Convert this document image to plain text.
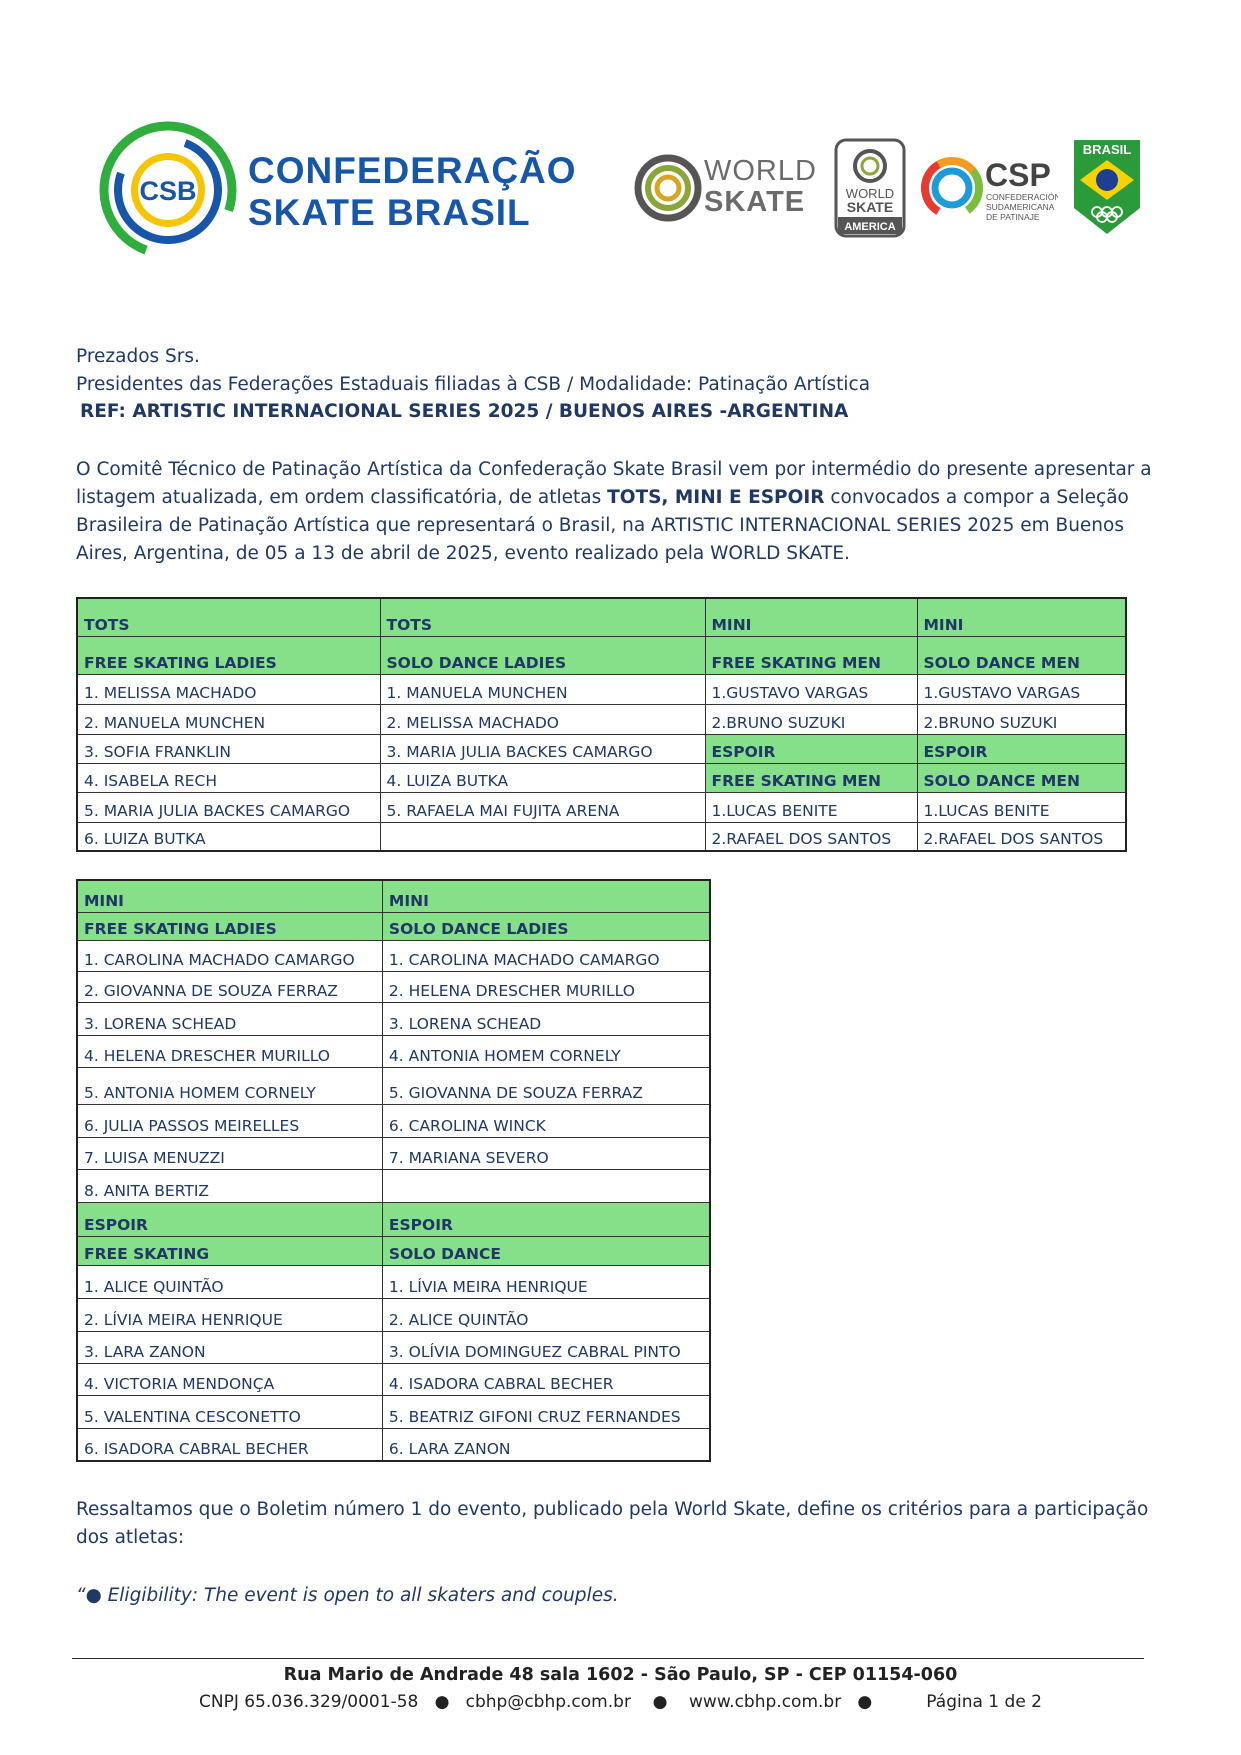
CSB CONFEDERAÇÃO
SKATE BRASIL
WORLD
SKATE	WORLD
SKATE
AMERICA
CSP
CONFEDERACIÓN
SUDAMERICANA
DE PATINAJE
BRASIL
Prezados Srs.
Presidentes das Federações Estaduais filiadas à CSB / Modalidade: Patinação Artística
REF: ARTISTIC INTERNACIONAL SERIES 2025 / BUENOS AIRES -ARGENTINA
O Comitê Técnico de Patinação Artística da Confederação Skate Brasil vem por intermédio do presente apresentar a listagem atualizada, em ordem classificatória, de atletas TOTS, MINI E ESPOIR convocados a compor a Seleção Brasileira de Patinação Artística que representará o Brasil, na ARTISTIC INTERNACIONAL SERIES 2025 em Buenos Aires, Argentina, de 05 a 13 de abril de 2025, evento realizado pela WORLD SKATE.
TOTS	TOTS	MINI	MINI
FREE SKATING LADIES	SOLO DANCE LADIES	FREE SKATING MEN	SOLO DANCE MEN
1. MELISSA MACHADO	1. MANUELA MUNCHEN	1.GUSTAVO VARGAS	1.GUSTAVO VARGAS
2. MANUELA MUNCHEN	2. MELISSA MACHADO	2.BRUNO SUZUKI	2.BRUNO SUZUKI
3. SOFIA FRANKLIN	3. MARIA JULIA BACKES CAMARGO	ESPOIR	ESPOIR
4. ISABELA RECH	4. LUIZA BUTKA	FREE SKATING MEN	SOLO DANCE MEN
5. MARIA JULIA BACKES CAMARGO	5. RAFAELA MAI FUJITA ARENA	1.LUCAS BENITE	1.LUCAS BENITE
6. LUIZA BUTKA		2.RAFAEL DOS SANTOS	2.RAFAEL DOS SANTOS
MINI	MINI
FREE SKATING LADIES	SOLO DANCE LADIES
1. CAROLINA MACHADO CAMARGO	1. CAROLINA MACHADO CAMARGO
2. GIOVANNA DE SOUZA FERRAZ	2. HELENA DRESCHER MURILLO
3. LORENA SCHEAD	3. LORENA SCHEAD
4. HELENA DRESCHER MURILLO	4. ANTONIA HOMEM CORNELY
5. ANTONIA HOMEM CORNELY	5. GIOVANNA DE SOUZA FERRAZ
6. JULIA PASSOS MEIRELLES	6. CAROLINA WINCK
7. LUISA MENUZZI	7. MARIANA SEVERO
8. ANITA BERTIZ	
ESPOIR	ESPOIR
FREE SKATING	SOLO DANCE
1. ALICE QUINTÃO	1. LÍVIA MEIRA HENRIQUE
2. LÍVIA MEIRA HENRIQUE	2. ALICE QUINTÃO
3. LARA ZANON	3. OLÍVIA DOMINGUEZ CABRAL PINTO
4. VICTORIA MENDONÇA	4. ISADORA CABRAL BECHER
5. VALENTINA CESCONETTO	5. BEATRIZ GIFONI CRUZ FERNANDES
6. ISADORA CABRAL BECHER	6. LARA ZANON
Ressaltamos que o Boletim número 1 do evento, publicado pela World Skate, define os critérios para a participação dos atletas:
“● Eligibility: The event is open to all skaters and couples.
Rua Mario de Andrade 48 sala 1602 - São Paulo, SP - CEP 01154-060
CNPJ 65.036.329/0001-58 ● cbhp@cbhp.com.br ● www.cbhp.com.br ●	Página 1 de 2
